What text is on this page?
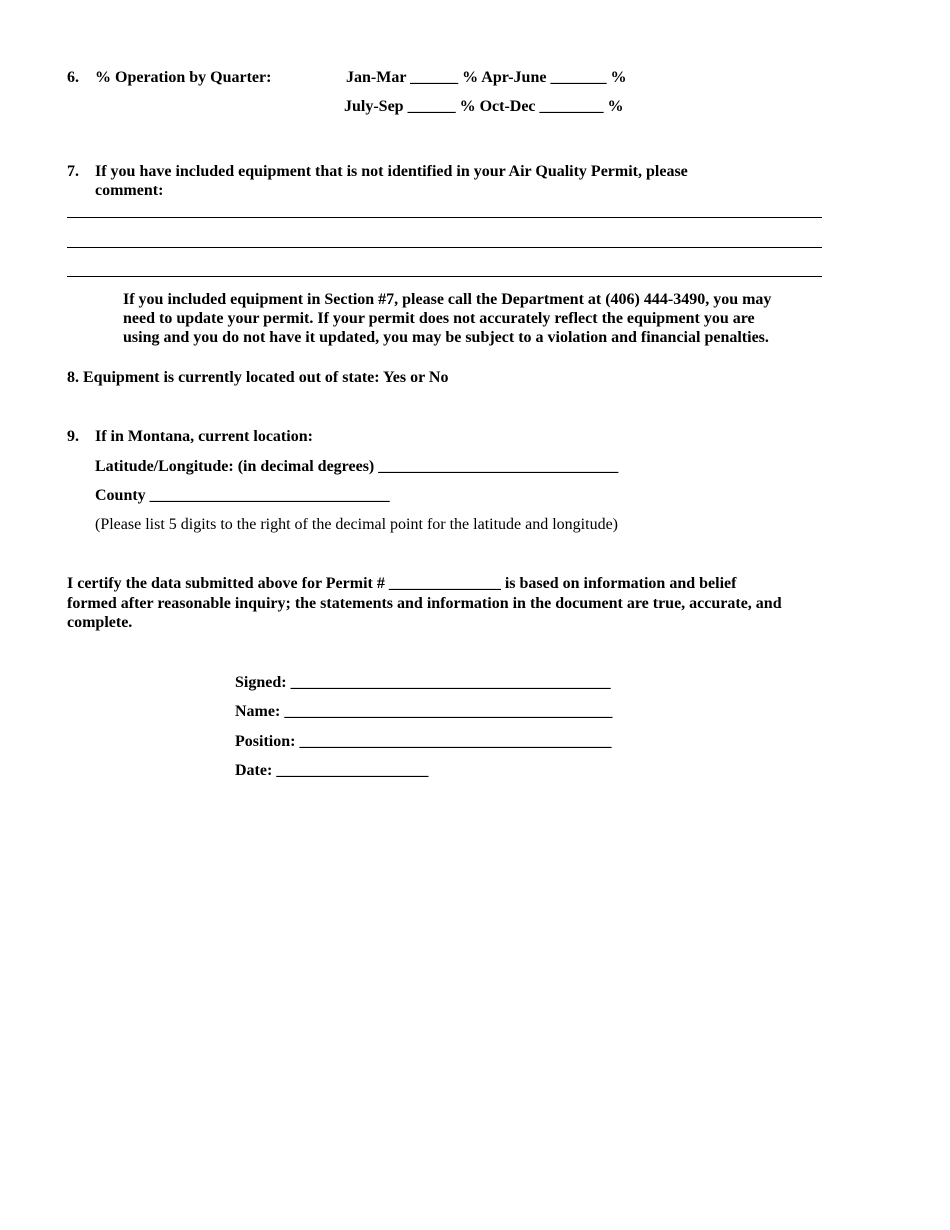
6. % Operation by Quarter:	Jan-Mar ______ % Apr-June _______ %
July-Sep ______ % Oct-Dec ________ %
7. If you have included equipment that is not identified in your Air Quality Permit, please
comment:
If you included equipment in Section #7, please call the Department at (406) 444-3490, you may
need to update your permit. If your permit does not accurately reflect the equipment you are
using and you do not have it updated, you may be subject to a violation and financial penalties.
8. Equipment is currently located out of state: Yes or No
9. If in Montana, current location:
Latitude/Longitude: (in decimal degrees) ______________________________
County ______________________________
(Please list 5 digits to the right of the decimal point for the latitude and longitude)
I certify the data submitted above for Permit # ______________ is based on information and belief
formed after reasonable inquiry; the statements and information in the document are true, accurate, and
complete.
Signed: ________________________________________
Name: _________________________________________
Position: _______________________________________
Date: ___________________
